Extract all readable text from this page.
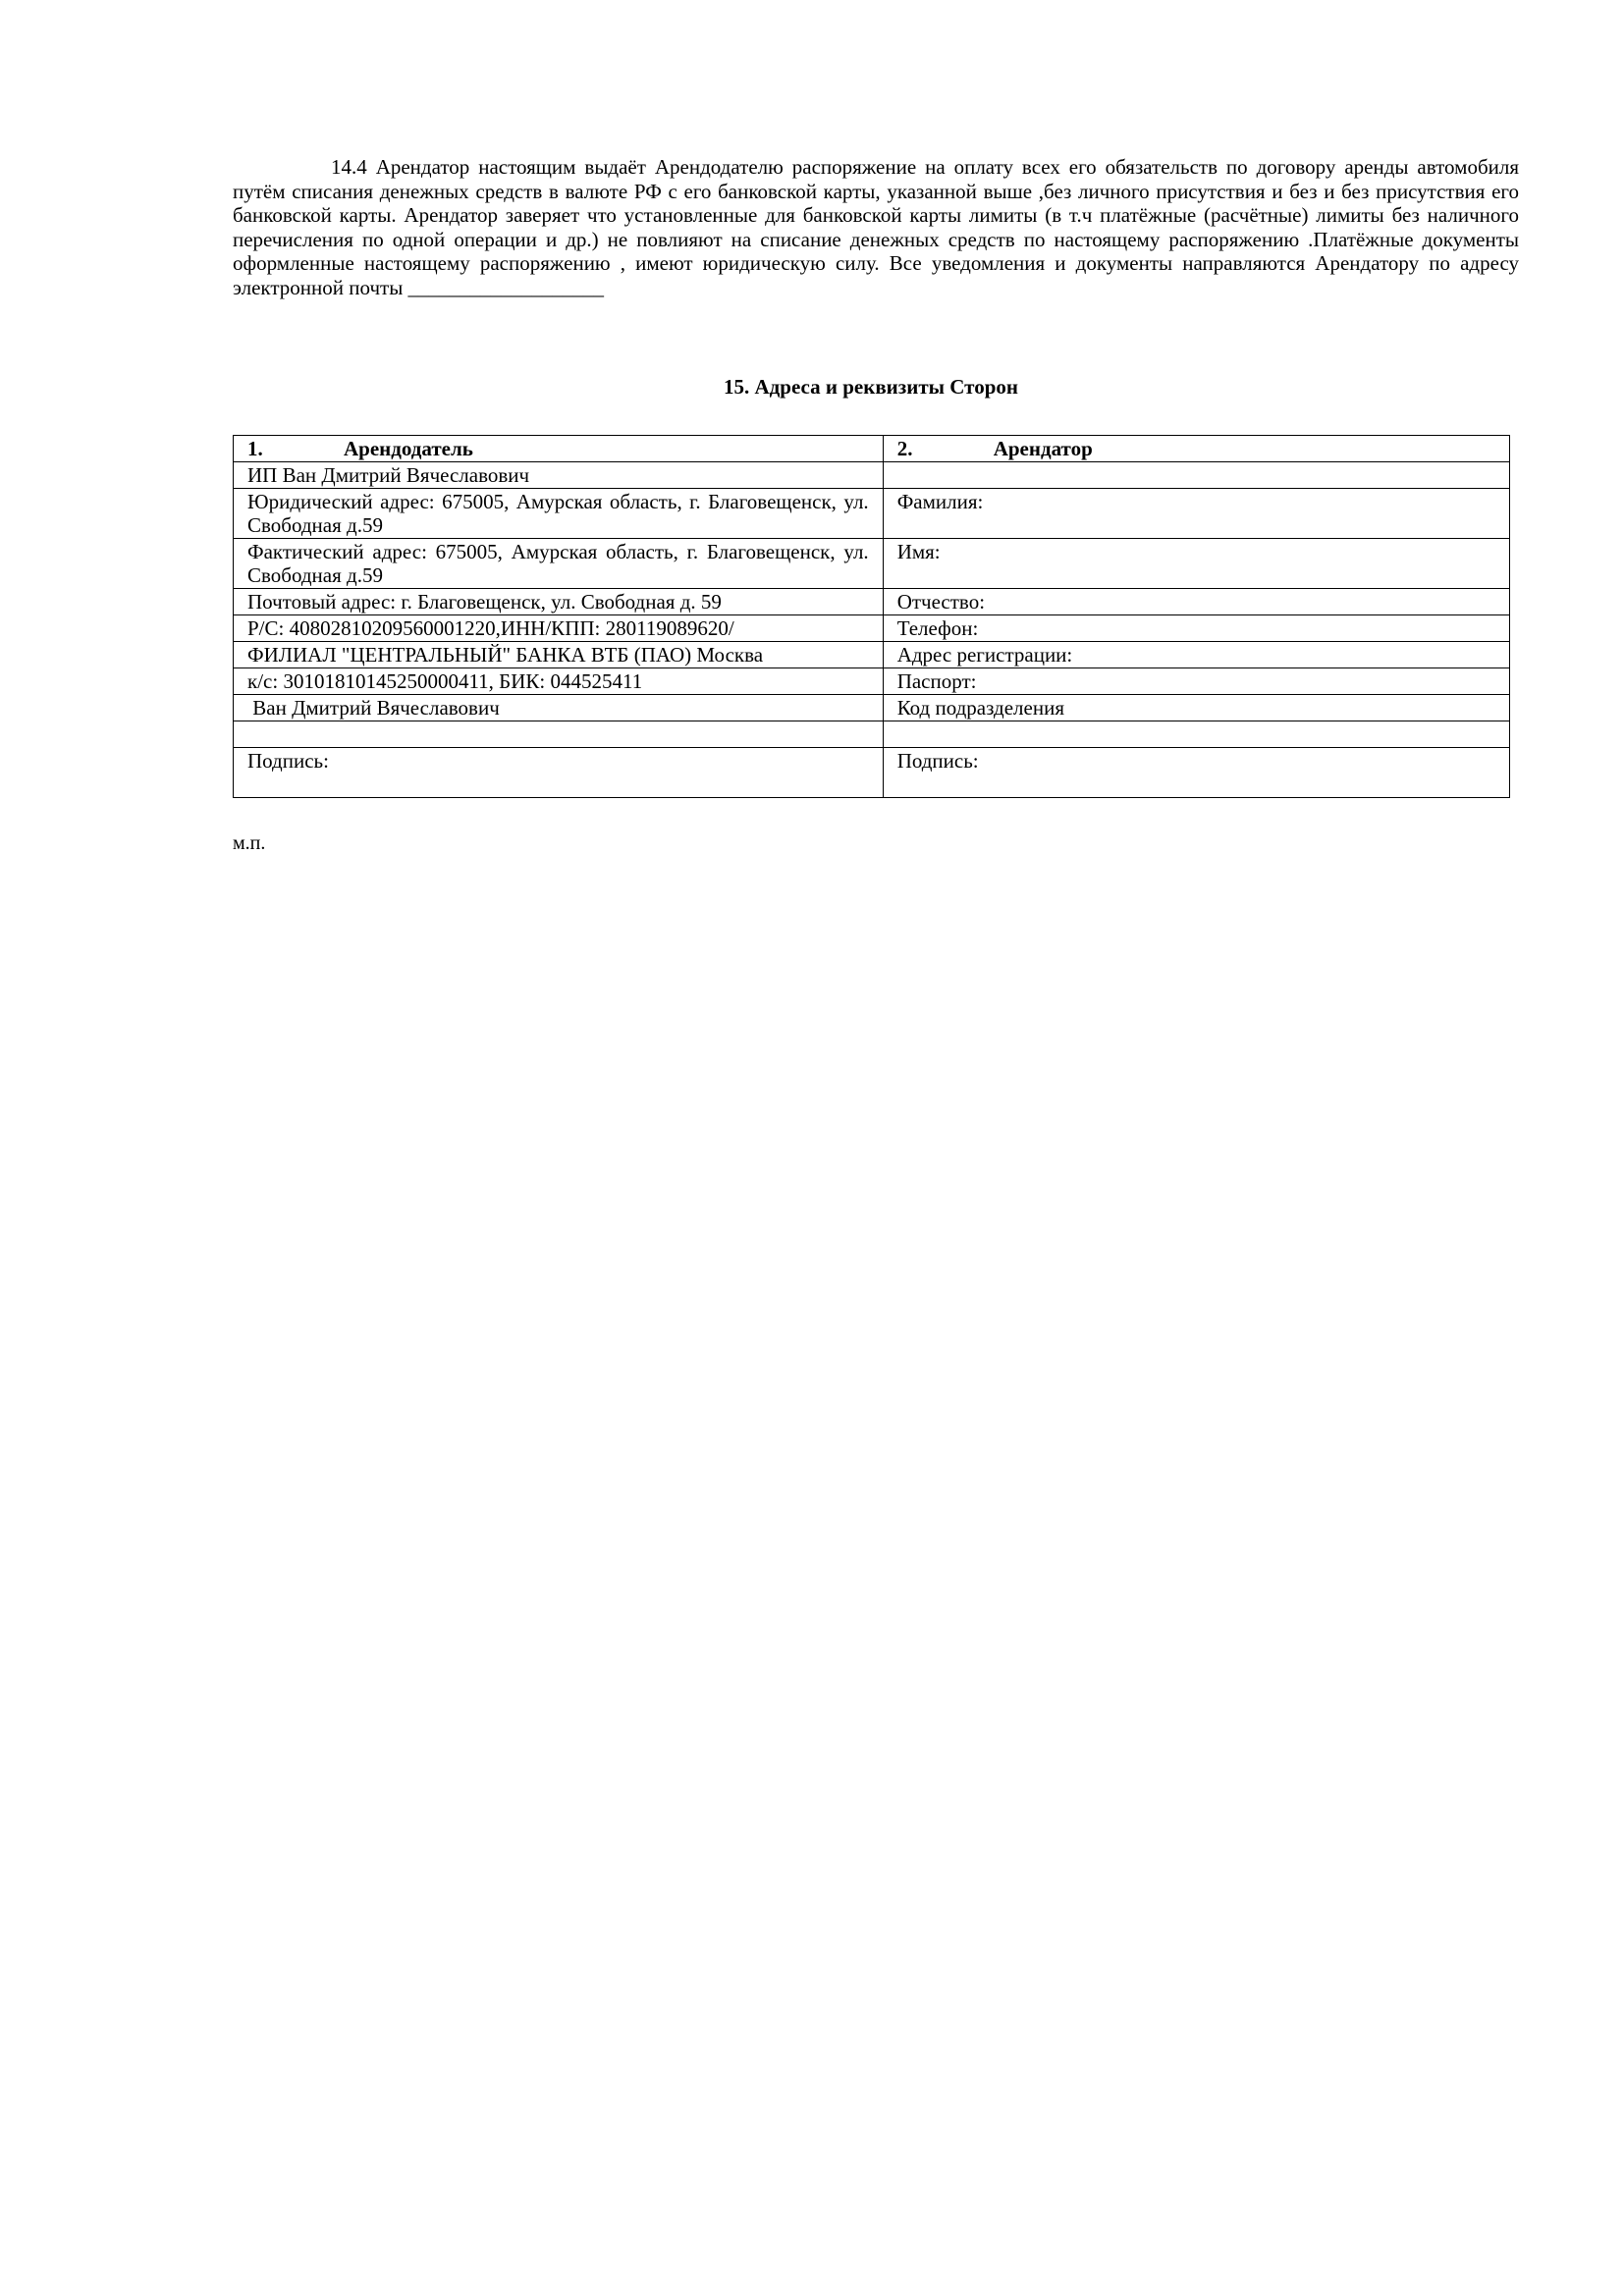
14.4 Арендатор настоящим выдаёт Арендодателю распоряжение на оплату всех его обязательств по договору аренды автомобиля путём списания денежных средств в валюте РФ с его банковской карты, указанной выше ,без личного присутствия и без и без присутствия его банковской карты. Арендатор заверяет что установленные для банковской карты лимиты (в т.ч платёжные (расчётные) лимиты без наличного перечисления по одной операции и др.) не повлияют на списание денежных средств по настоящему распоряжению .Платёжные документы оформленные настоящему распоряжению , имеют юридическую силу. Все уведомления и документы направляются Арендатору по адресу электронной почты ___________________
15. Адреса и реквизиты Сторон
1. Арендодатель	2. Арендатор
ИП Ван Дмитрий Вячеславович	
Юридический адрес: 675005, Амурская область, г. Благовещенск, ул. Свободная д.59	Фамилия:
Фактический адрес: 675005, Амурская область, г. Благовещенск, ул. Свободная д.59	Имя:
Почтовый адрес: г. Благовещенск, ул. Свободная д. 59	Отчество:
Р/С: 40802810209560001220,ИНН/КПП: 280119089620/	Телефон:
ФИЛИАЛ "ЦЕНТРАЛЬНЫЙ" БАНКА ВТБ (ПАО) Москва	Адрес регистрации:
к/с: 30101810145250000411, БИК: 044525411	Паспорт:
Ван Дмитрий Вячеславович	Код подразделения

Подпись:	Подпись:
м.п.
